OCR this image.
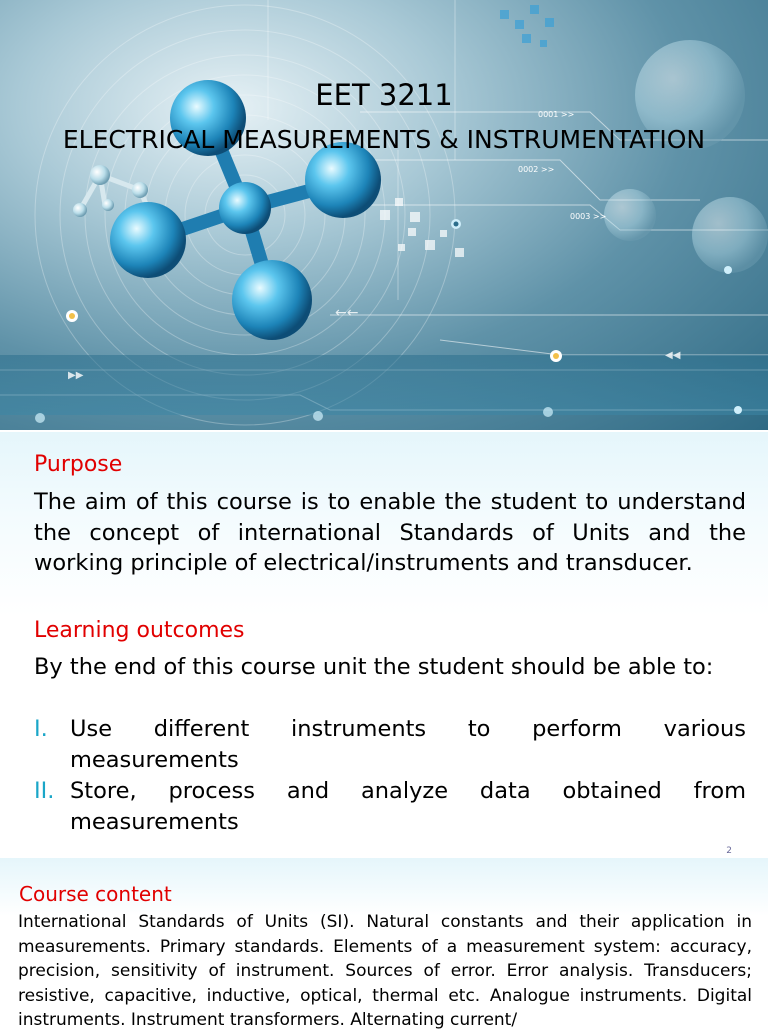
←←
◀◀
▶▶
EET 3211
ELECTRICAL MEASUREMENTS & INSTRUMENTATION
0001 >>
0002 >>
0003 >>
Purpose
The aim of this course is to enable the student to understand the concept of international Standards of Units and the working principle of electrical/instruments and transducer.
Learning outcomes
By the end of this course unit the student should be able to:
I. Use different instruments to perform various measurements
II. Store, process and analyze data obtained from measurements
2
Course content
International Standards of Units (SI). Natural constants and their application in measurements. Primary standards. Elements of a measurement system: accuracy, precision, sensitivity of instrument. Sources of error. Error analysis. Transducers; resistive, capacitive, inductive, optical, thermal etc. Analogue instruments. Digital instruments. Instrument transformers. Alternating current/
